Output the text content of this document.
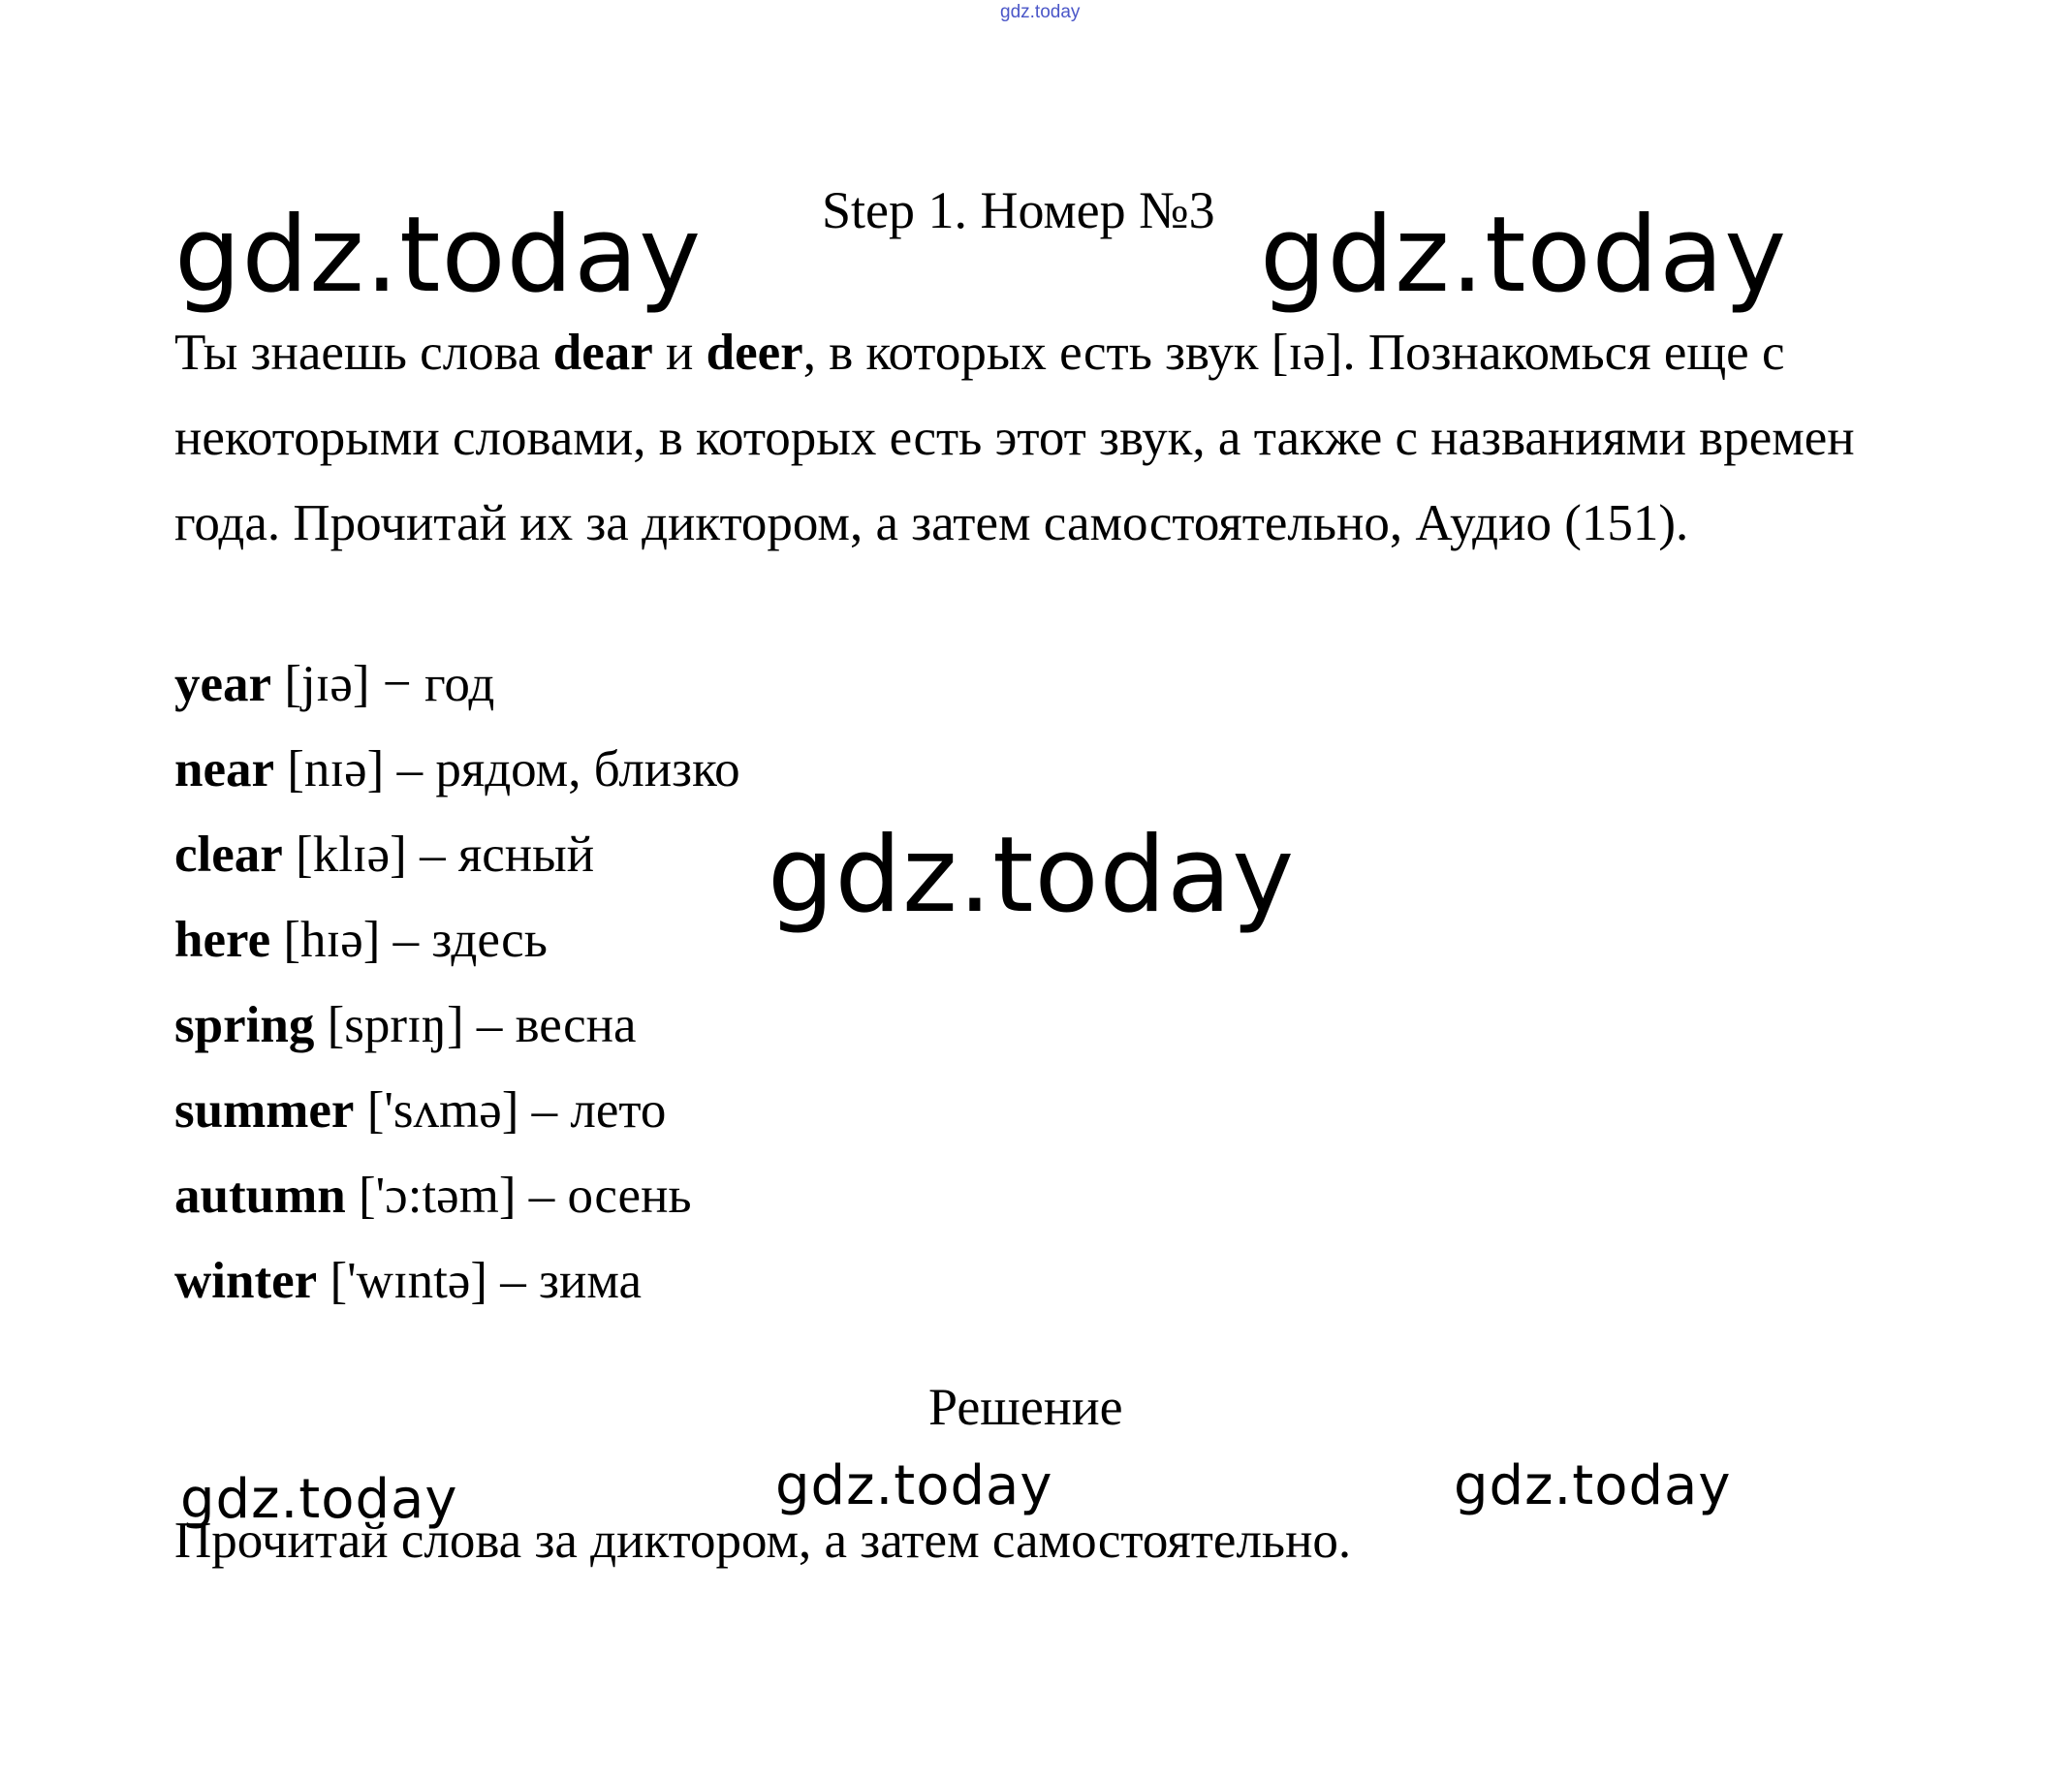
gdz.today
gdz.today	gdz.today
gdz.today
gdz.today	gdz.today	gdz.today
Step 1. Номер №3

Ты знаешь слова dear и deer, в которых есть звук [ɪə]. Познакомься еще с некоторыми словами, в которых есть этот звук, а также с названиями времен года. Прочитай их за диктором, а затем самостоятельно, Аудио (151).

year [jɪə] − год
near [nɪə] – рядом, близко
clear [klɪə] – ясный
here [hɪə] – здесь
spring [sprɪŋ] – весна
summer ['sʌmə] – лето
autumn ['ɔ:təm] – осень
winter ['wɪntə] – зима
Решение
Прочитай слова за диктором, а затем самостоятельно.
